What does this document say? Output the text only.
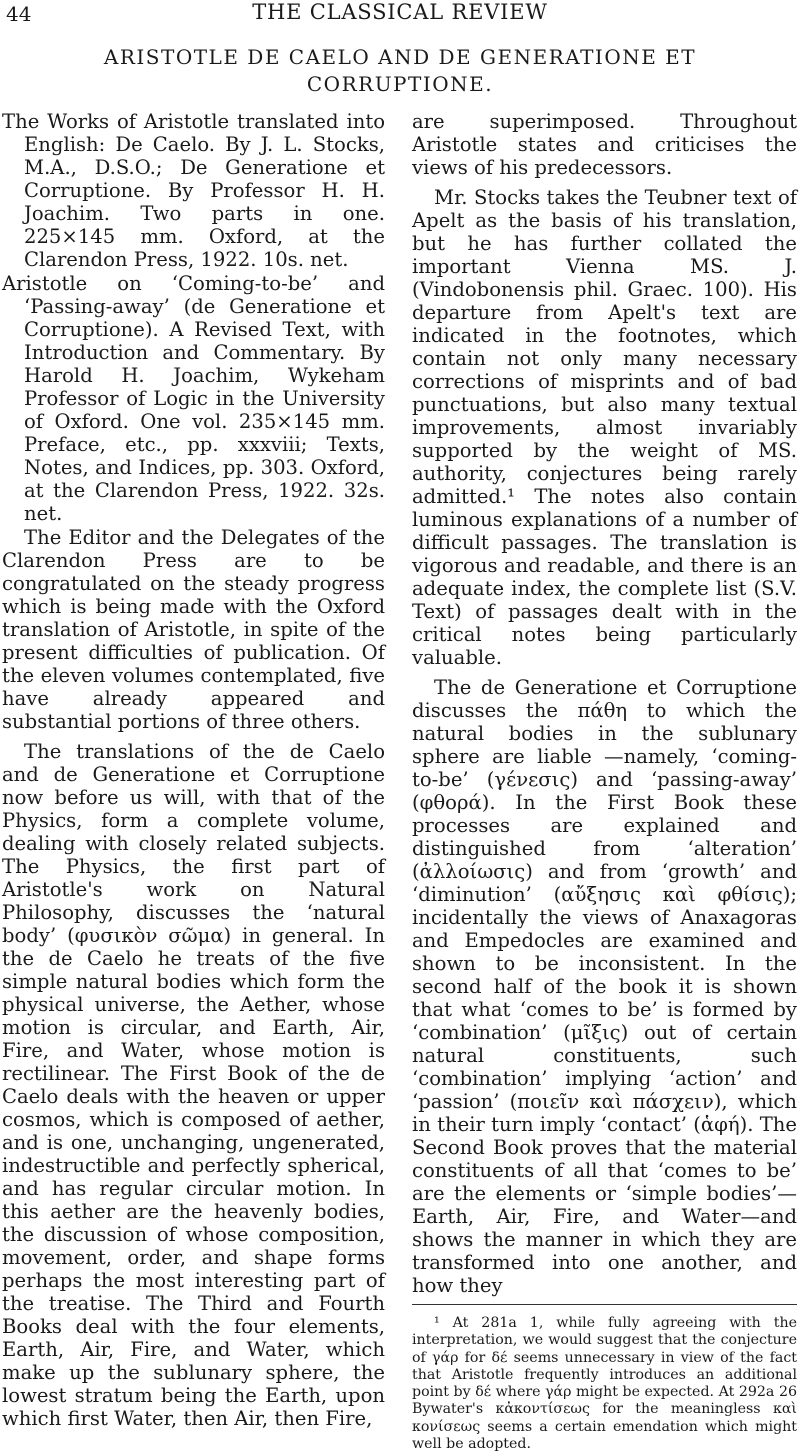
44	THE CLASSICAL REVIEW
ARISTOTLE DE CAELO AND DE GENERATIONE ET CORRUPTIONE.

The Works of Aristotle translated into English: De Caelo. By J. L. Stocks, M.A., D.S.O.; De Generatione et Corruptione. By Professor H. H. Joachim. Two parts in one. 225×145 mm. Oxford, at the Clarendon Press, 1922. 10s. net.

Aristotle on ‘Coming-to-be’ and ‘Passing-away’ (de Generatione et Corruptione). A Revised Text, with Introduction and Commentary. By Harold H. Joachim, Wykeham Professor of Logic in the University of Oxford. One vol. 235×145 mm. Preface, etc., pp. xxxviii; Texts, Notes, and Indices, pp. 303. Oxford, at the Clarendon Press, 1922. 32s. net.

The Editor and the Delegates of the Clarendon Press are to be congratulated on the steady progress which is being made with the Oxford translation of Aristotle, in spite of the present difficulties of publication. Of the eleven volumes contemplated, five have already appeared and substantial portions of three others.

The translations of the de Caelo and de Generatione et Corruptione now before us will, with that of the Physics, form a complete volume, dealing with closely related subjects. The Physics, the first part of Aristotle's work on Natural Philosophy, discusses the ‘natural body’ (φυσικὸν σῶμα) in general. In the de Caelo he treats of the five simple natural bodies which form the physical universe, the Aether, whose motion is circular, and Earth, Air, Fire, and Water, whose motion is rectilinear. The First Book of the de Caelo deals with the heaven or upper cosmos, which is composed of aether, and is one, unchanging, ungenerated, indestructible and perfectly spherical, and has regular circular motion. In this aether are the heavenly bodies, the discussion of whose composition, movement, order, and shape forms perhaps the most interesting part of the treatise. The Third and Fourth Books deal with the four elements, Earth, Air, Fire, and Water, which make up the sublunary sphere, the lowest stratum being the Earth, upon which first Water, then Air, then Fire,

are superimposed. Throughout Aristotle states and criticises the views of his predecessors.

Mr. Stocks takes the Teubner text of Apelt as the basis of his translation, but he has further collated the important Vienna MS. J. (Vindobonensis phil. Graec. 100). His departure from Apelt's text are indicated in the footnotes, which contain not only many necessary corrections of misprints and of bad punctuations, but also many textual improvements, almost invariably supported by the weight of MS. authority, conjectures being rarely admitted.¹ The notes also contain luminous explanations of a number of difficult passages. The translation is vigorous and readable, and there is an adequate index, the complete list (S.V. Text) of passages dealt with in the critical notes being particularly valuable.

The de Generatione et Corruptione discusses the πάθη to which the natural bodies in the sublunary sphere are liable —namely, ‘coming-to-be’ (γένεσις) and ‘passing-away’ (φθορά). In the First Book these processes are explained and distinguished from ‘alteration’ (ἀλλοίωσις) and from ‘growth’ and ‘diminution’ (αὔξησις καὶ φθίσις); incidentally the views of Anaxagoras and Empedocles are examined and shown to be inconsistent. In the second half of the book it is shown that what ‘comes to be’ is formed by ‘combination’ (μῖξις) out of certain natural constituents, such ‘combination’ implying ‘action’ and ‘passion’ (ποιεῖν καὶ πάσχειν), which in their turn imply ‘contact’ (ἁφή). The Second Book proves that the material constituents of all that ‘comes to be’ are the elements or ‘simple bodies’— Earth, Air, Fire, and Water—and shows the manner in which they are transformed into one another, and how they

¹ At 281a 1, while fully agreeing with the interpretation, we would suggest that the conjecture of γάρ for δέ seems unnecessary in view of the fact that Aristotle frequently introduces an additional point by δέ where γάρ might be expected. At 292a 26 Bywater's κἀκοντίσεως for the meaningless καὶ κονίσεως seems a certain emendation which might well be adopted.
